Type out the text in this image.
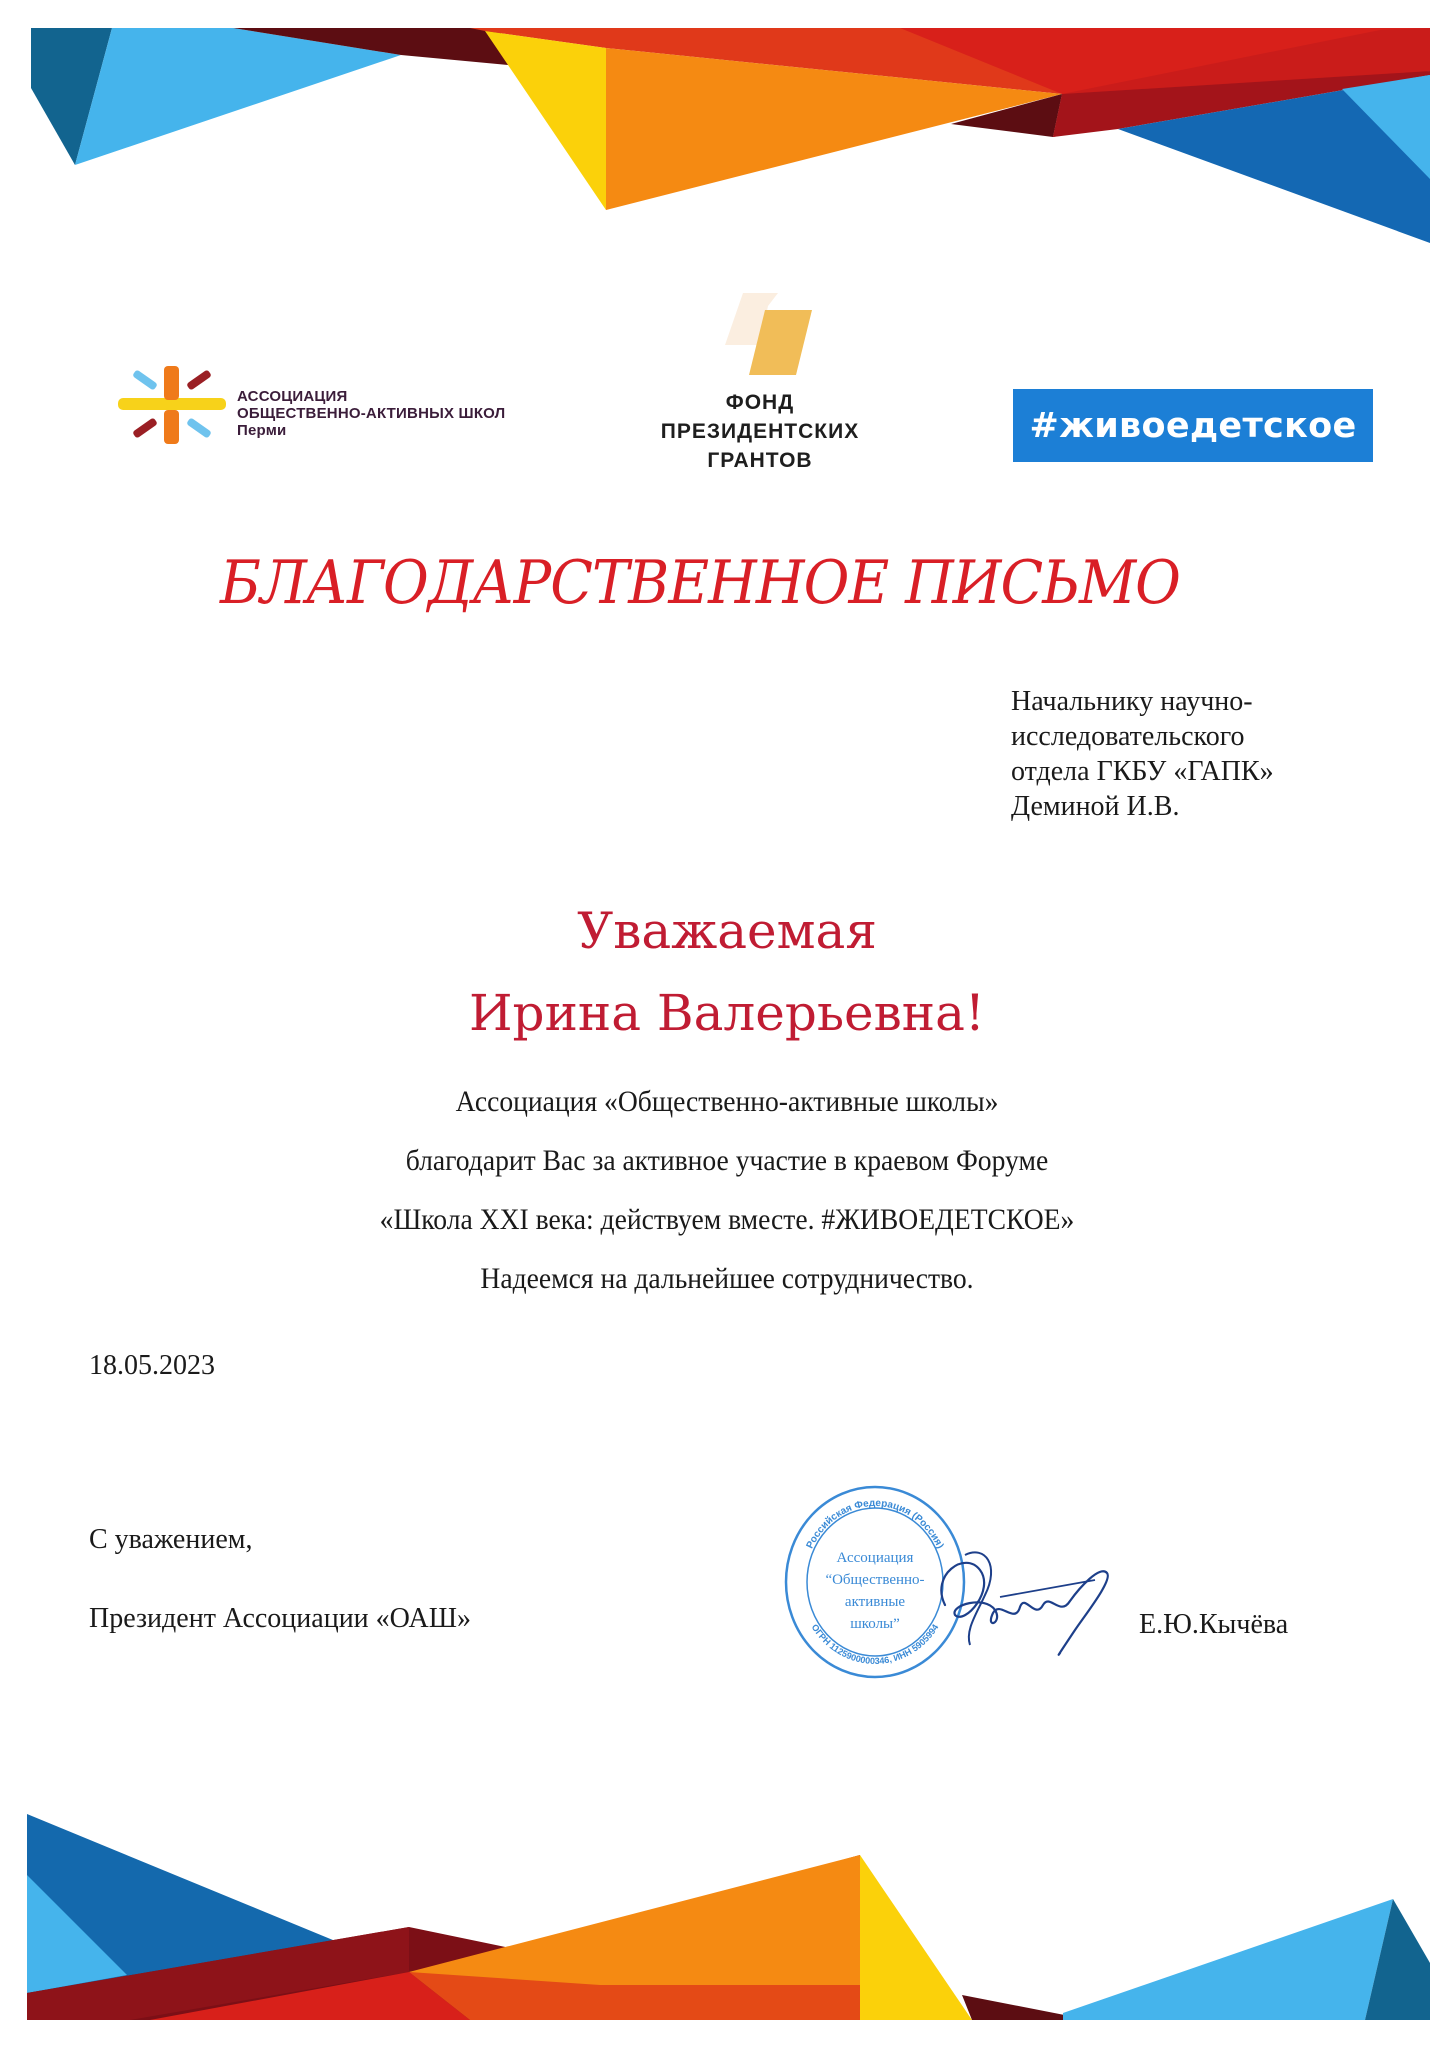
АССОЦИАЦИЯ
ОБЩЕСТВЕННО-АКТИВНЫХ ШКОЛ
Перми
ФОНД
ПРЕЗИДЕНТСКИХ
ГРАНТОВ
#живоедетское
БЛАГОДАРСТВЕННОЕ ПИСЬМО
Начальнику научно-
исследовательского
отдела ГКБУ «ГАПК»
Деминой И.В.
Уважаемая
Ирина Валерьевна!
Ассоциация «Общественно-активные школы»
благодарит Вас за активное участие в краевом Форуме
«Школа XXI века: действуем вместе. #ЖИВОЕДЕТСКОЕ»
Надеемся на дальнейшее сотрудничество.
18.05.2023
С уважением,
Президент Ассоциации «ОАШ»	Е.Ю.Кычёва
Российская Федерация (Россия)
ОГРН 1125900000346, ИНН 5905994
Ассоциация
“Общественно-
активные
школы”
